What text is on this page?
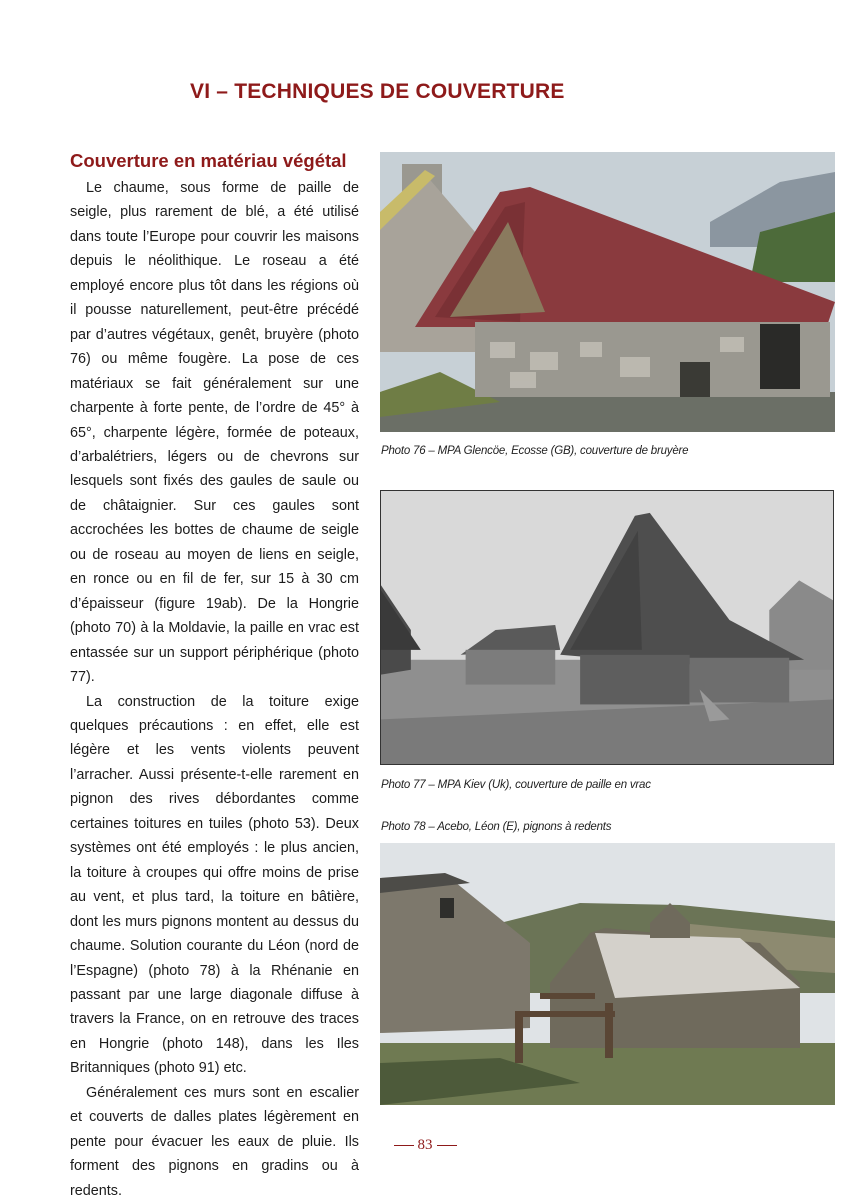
VI – TECHNIQUES DE COUVERTURE
Couverture en matériau végétal

Le chaume, sous forme de paille de seigle, plus rarement de blé, a été utilisé dans toute l’Europe pour couvrir les maisons depuis le néolithique. Le roseau a été employé encore plus tôt dans les régions où il pousse naturellement, peut-être précédé par d’autres végétaux, genêt, bruyère (photo 76) ou même fougère. La pose de ces matériaux se fait généralement sur une charpente à forte pente, de l’ordre de 45° à 65°, charpente légère, formée de poteaux, d’arbalétriers, légers ou de chevrons sur lesquels sont fixés des gaules de saule ou de châtaignier. Sur ces gaules sont accrochées les bottes de chaume de seigle ou de roseau au moyen de liens en seigle, en ronce ou en fil de fer, sur 15 à 30 cm d’épaisseur (figure 19ab). De la Hongrie (photo 70) à la Moldavie, la paille en vrac est entassée sur un support périphérique (photo 77).

La construction de la toiture exige quelques précautions : en effet, elle est légère et les vents violents peuvent l’arracher. Aussi présente-t-elle rarement en pignon des rives débordantes comme certaines toitures en tuiles (photo 53). Deux systèmes ont été employés : le plus ancien, la toiture à croupes qui offre moins de prise au vent, et plus tard, la toiture en bâtière, dont les murs pignons montent au dessus du chaume. Solution courante du Léon (nord de l’Espagne) (photo 78) à la Rhénanie en passant par une large diagonale diffuse à travers la France, on en retrouve des traces en Hongrie (photo 148), dans les Iles Britanniques (photo 91) etc.

Généralement ces murs sont en escalier et couverts de dalles plates légèrement en pente pour évacuer les eaux de pluie. Ils forment des pignons en gradins ou à redents.

Photo 76 – MPA Glencöe, Ecosse (GB), couverture de bruyère
Photo 77 – MPA Kiev (Uk), couverture de paille en vrac
Photo 78 – Acebo, Léon (E), pignons à redents
83
